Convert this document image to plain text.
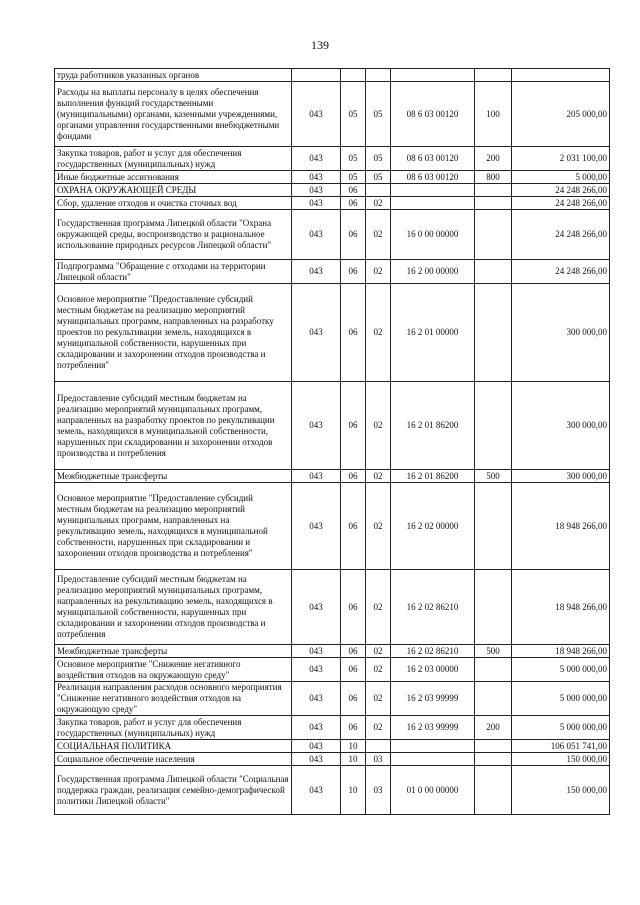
139
труда работников указанных органов						
Расходы на выплаты персоналу в целях обеспечения выполнения функций государственными (муниципальными) органами, казенными учреждениями, органами управления государственными внебюджетными фондами	043	05	05	08 6 03 00120	100	205 000,00
Закупка товаров, работ и услуг для обеспечения государственных (муниципальных) нужд	043	05	05	08 6 03 00120	200	2 031 100,00
Иные бюджетные ассигнования	043	05	05	08 6 03 00120	800	5 000,00
ОХРАНА ОКРУЖАЮЩЕЙ СРЕДЫ	043	06				24 248 266,00
Сбор, удаление отходов и очистка сточных вод	043	06	02			24 248 266,00
Государственная программа Липецкой области "Охрана окружающей среды, воспроизводство и рациональное использование природных ресурсов Липецкой области"	043	06	02	16 0 00 00000		24 248 266,00
Подпрограмма "Обращение с отходами на территории Липецкой области"	043	06	02	16 2 00 00000		24 248 266,00
Основное мероприятие "Предоставление субсидий местным бюджетам на реализацию мероприятий муниципальных программ, направленных на разработку проектов по рекультивации земель, находящихся в муниципальной собственности, нарушенных при складировании и захоронении отходов производства и потребления"	043	06	02	16 2 01 00000		300 000,00
Предоставление субсидий местным бюджетам на реализацию мероприятий муниципальных программ, направленных на разработку проектов по рекультивации земель, находящихся в муниципальной собственности, нарушенных при складировании и захоронении отходов производства и потребления	043	06	02	16 2 01 86200		300 000,00
Межбюджетные трансферты	043	06	02	16 2 01 86200	500	300 000,00
Основное мероприятие "Предоставление субсидий местным бюджетам на реализацию мероприятий муниципальных программ, направленных на рекультивацию земель, находящихся в муниципальной собственности, нарушенных при складировании и захоронении отходов производства и потребления"	043	06	02	16 2 02 00000		18 948 266,00
Предоставление субсидий местным бюджетам на реализацию мероприятий муниципальных программ, направленных на рекультивацию земель, находящихся в муниципальной собственности, нарушенных при складировании и захоронении отходов производства и потребления	043	06	02	16 2 02 86210		18 948 266,00
Межбюджетные трансферты	043	06	02	16 2 02 86210	500	18 948 266,00
Основное мероприятие "Снижение негативного воздействия отходов на окружающую среду"	043	06	02	16 2 03 00000		5 000 000,00
Реализация направления расходов основного мероприятия "Снижение негативного воздействия отходов на окружающую среду"	043	06	02	16 2 03 99999		5 000 000,00
Закупка товаров, работ и услуг для обеспечения государственных (муниципальных) нужд	043	06	02	16 2 03 99999	200	5 000 000,00
СОЦИАЛЬНАЯ ПОЛИТИКА	043	10				106 051 741,00
Социальное обеспечение населения	043	10	03			150 000,00
Государственная программа Липецкой области "Социальная поддержка граждан, реализация семейно-демографической политики Липецкой области"	043	10	03	01 0 00 00000		150 000,00
